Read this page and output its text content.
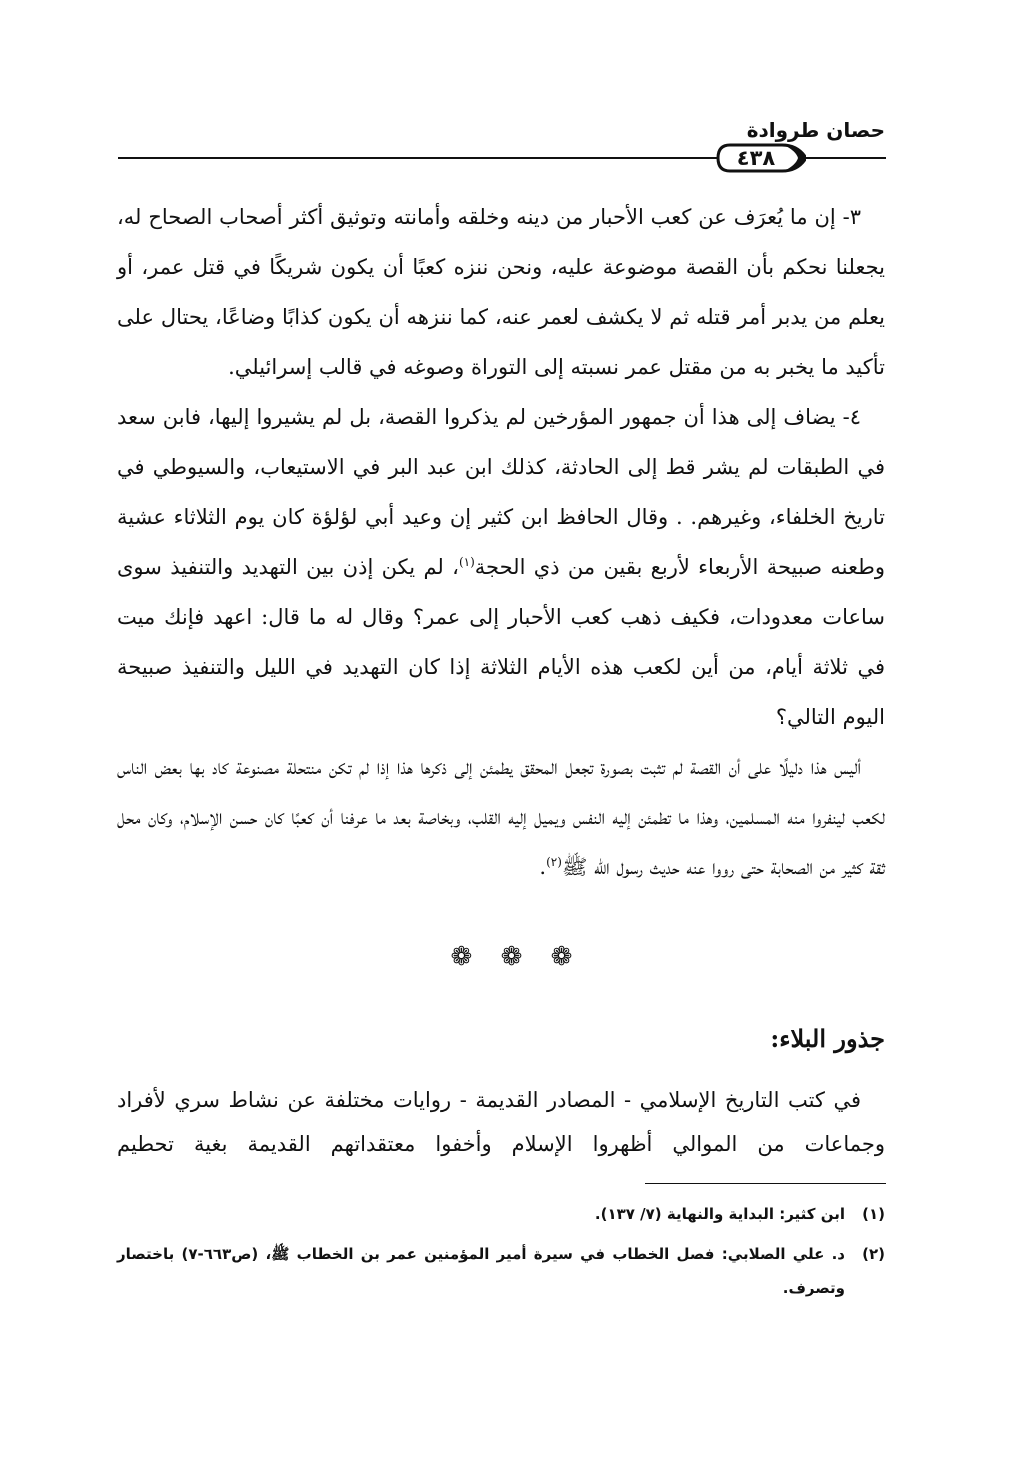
حصان طروادة
٤٣٨

٣- إن ما يُعرَف عن كعب الأحبار من دينه وخلقه وأمانته وتوثيق أكثر أصحاب الصحاح له، يجعلنا نحكم بأن القصة موضوعة عليه، ونحن ننزه كعبًا أن يكون شريكًا في قتل عمر، أو يعلم من يدبر أمر قتله ثم لا يكشف لعمر عنه، كما ننزهه أن يكون كذابًا وضاعًا، يحتال على تأكيد ما يخبر به من مقتل عمر نسبته إلى التوراة وصوغه في قالب إسرائيلي.

٤- يضاف إلى هذا أن جمهور المؤرخين لم يذكروا القصة، بل لم يشيروا إليها، فابن سعد في الطبقات لم يشر قط إلى الحادثة، كذلك ابن عبد البر في الاستيعاب، والسيوطي في تاريخ الخلفاء، وغيرهم. . وقال الحافظ ابن كثير إن وعيد أبي لؤلؤة كان يوم الثلاثاء عشية وطعنه صبيحة الأربعاء لأربع بقين من ذي الحجة$^{(١)}$، لم يكن إذن بين التهديد والتنفيذ سوى ساعات معدودات، فكيف ذهب كعب الأحبار إلى عمر؟ وقال له ما قال: اعهد فإنك ميت في ثلاثة أيام، من أين لكعب هذه الأيام الثلاثة إذا كان التهديد في الليل والتنفيذ صبيحة اليوم التالي؟

أليس هذا دليلًا على أن القصة لم تثبت بصورة تجعل المحقق يطمئن إلى ذكرها هذا إذا لم تكن منتحلة مصنوعة كاد بها بعض الناس لكعب لينفروا منه المسلمين، وهذا ما تطمئن إليه النفس ويميل إليه القلب، وبخاصة بعد ما عرفنا أن كعبًا كان حسن الإسلام، وكان محل ثقة كثير من الصحابة حتى رووا عنه حديث رسول الله ﷺ$^{(٢)}$.

❁ ❁ ❁
جذور البلاء:

في كتب التاريخ الإسلامي - المصادر القديمة - روايات مختلفة عن نشاط سري لأفراد وجماعات من الموالي أظهروا الإسلام وأخفوا معتقداتهم القديمة بغية تحطيم

(١)
ابن كثير: البداية والنهاية (٧/ ١٣٧).
(٢)
د. علي الصلابي: فصل الخطاب في سيرة أمير المؤمنين عمر بن الخطاب ﷺ، (ص٦٦٣-٧) باختصار وتصرف.
